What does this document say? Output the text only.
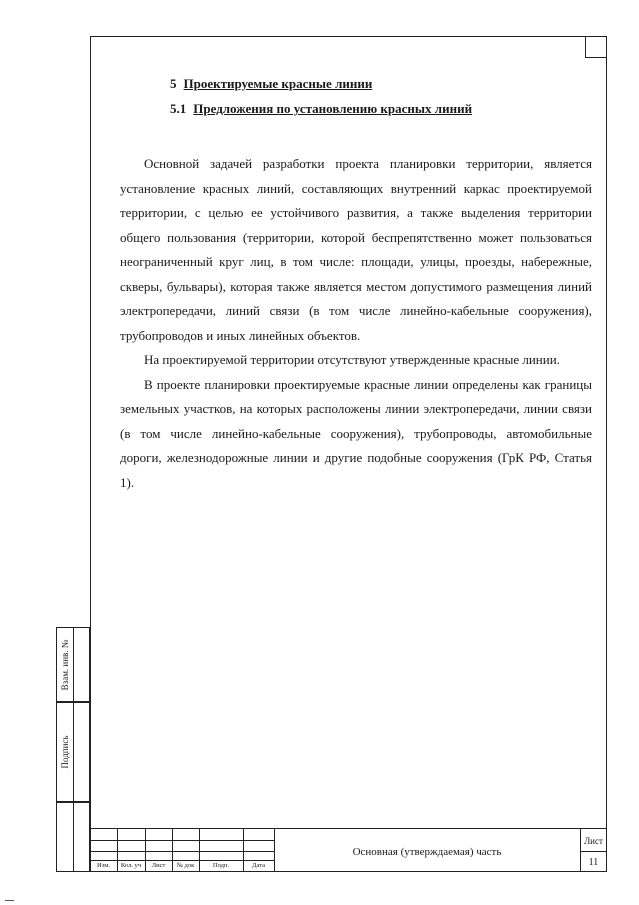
5 Проектируемые красные линии
5.1 Предложения по установлению красных линий

Основной задачей разработки проекта планировки территории, является установление красных линий, составляющих внутренний каркас проектируемой территории, с целью ее устойчивого развития, а также выделения территории общего пользования (территории, которой беспрепятственно может пользоваться неограниченный круг лиц, в том числе: площади, улицы, проезды, набережные, скверы, бульвары), которая также является местом допустимого размещения линий электропередачи, линий связи (в том числе линейно-кабельные сооружения), трубопроводов и иных линейных объектов.

На проектируемой территории отсутствуют утвержденные красные линии.

В проекте планировки проектируемые красные линии определены как границы земельных участков, на которых расположены линии электропередачи, линии связи (в том числе линейно-кабельные сооружения), трубопроводы, автомобильные дороги, железнодорожные линии и другие подобные сооружения (ГрК РФ, Статья 1).

Взам. инв. №
Подпись
Изм.	Кол. уч	Лист	№ док	Подп.	Дата
Основная (утверждаемая) часть
Лист
11
